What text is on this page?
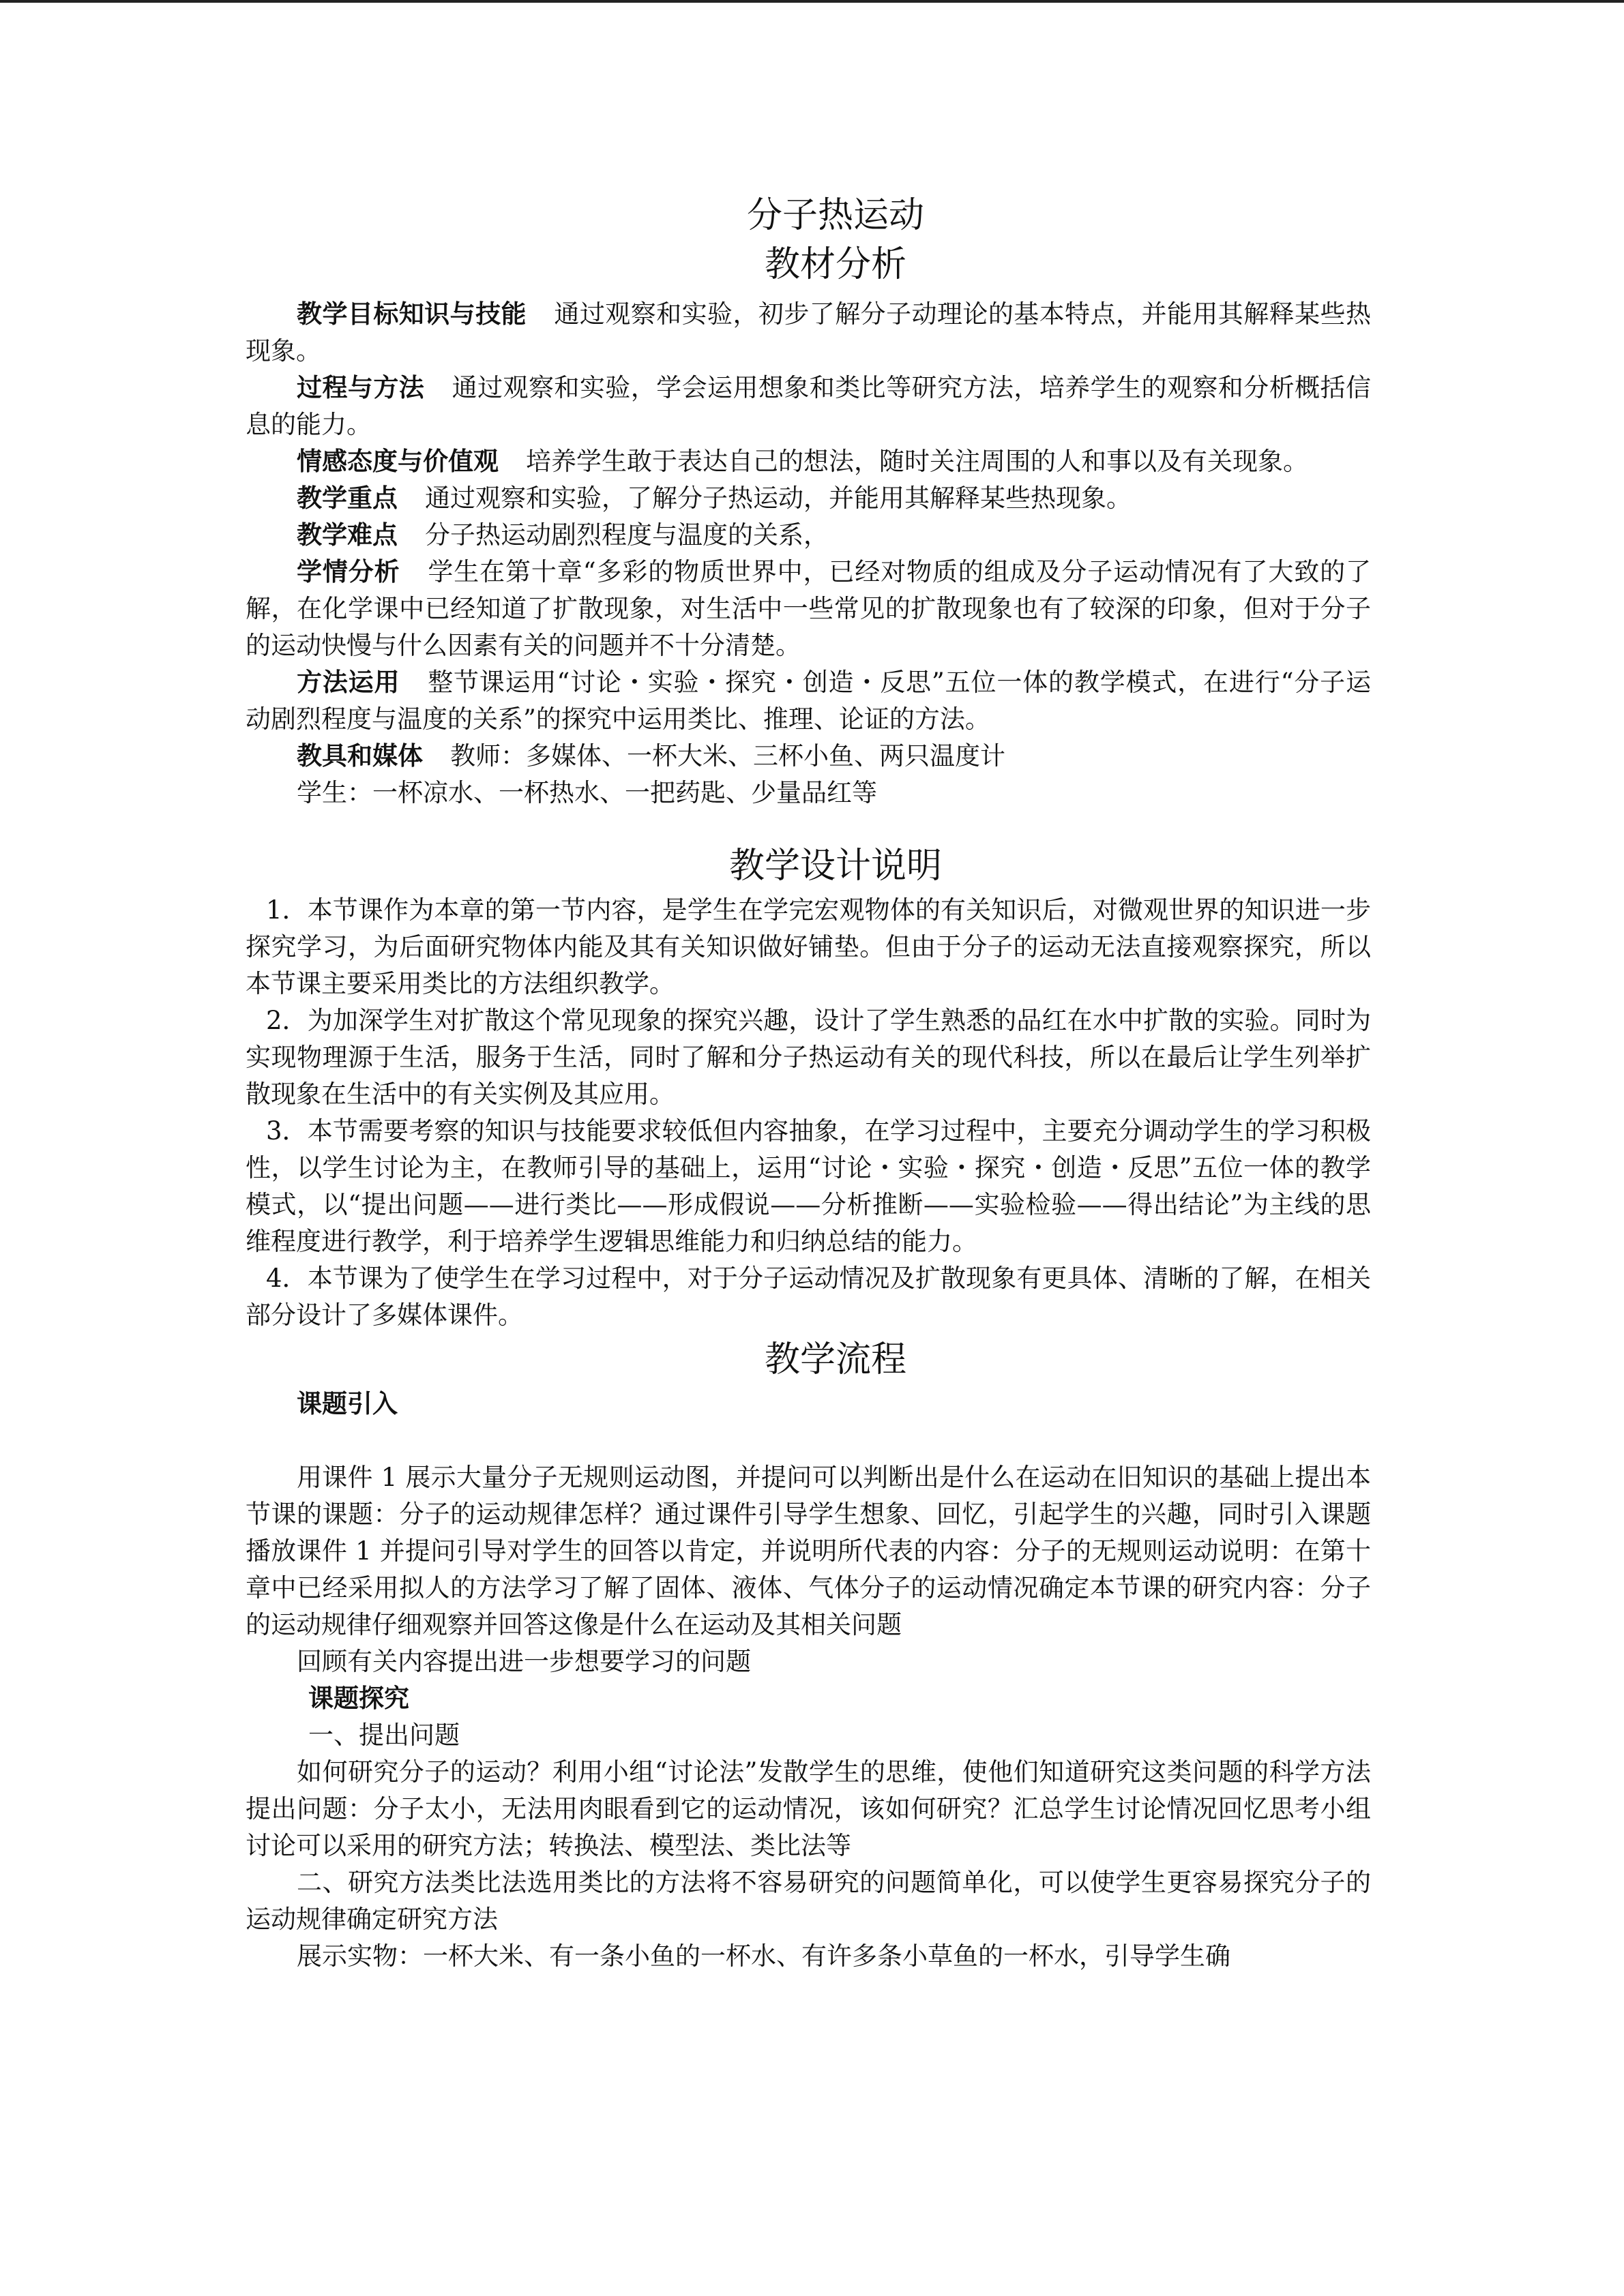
分子热运动
教材分析

教学目标知识与技能 通过观察和实验，初步了解分子动理论的基本特点，并能用其解释某些热现象。

过程与方法 通过观察和实验，学会运用想象和类比等研究方法，培养学生的观察和分析概括信息的能力。

情感态度与价值观 培养学生敢于表达自己的想法，随时关注周围的人和事以及有关现象。

教学重点 通过观察和实验，了解分子热运动，并能用其解释某些热现象。

教学难点 分子热运动剧烈程度与温度的关系，

学情分析 学生在第十章“多彩的物质世界中，已经对物质的组成及分子运动情况有了大致的了解，在化学课中已经知道了扩散现象，对生活中一些常见的扩散现象也有了较深的印象，但对于分子的运动快慢与什么因素有关的问题并不十分清楚。

方法运用 整节课运用“讨论・实验・探究・创造・反思”五位一体的教学模式，在进行“分子运动剧烈程度与温度的关系”的探究中运用类比、推理、论证的方法。

教具和媒体 教师：多媒体、一杯大米、三杯小鱼、两只温度计

学生：一杯凉水、一杯热水、一把药匙、少量品红等

教学设计说明

1．本节课作为本章的第一节内容，是学生在学完宏观物体的有关知识后，对微观世界的知识进一步探究学习，为后面研究物体内能及其有关知识做好铺垫。但由于分子的运动无法直接观察探究，所以本节课主要采用类比的方法组织教学。

2．为加深学生对扩散这个常见现象的探究兴趣，设计了学生熟悉的品红在水中扩散的实验。同时为实现物理源于生活，服务于生活，同时了解和分子热运动有关的现代科技，所以在最后让学生列举扩散现象在生活中的有关实例及其应用。

3．本节需要考察的知识与技能要求较低但内容抽象，在学习过程中，主要充分调动学生的学习积极性，以学生讨论为主，在教师引导的基础上，运用“讨论・实验・探究・创造・反思”五位一体的教学模式，以“提出问题——进行类比——形成假说——分析推断——实验检验——得出结论”为主线的思维程度进行教学，利于培养学生逻辑思维能力和归纳总结的能力。

4．本节课为了使学生在学习过程中，对于分子运动情况及扩散现象有更具体、清晰的了解，在相关部分设计了多媒体课件。

教学流程

课题引入

用课件 1 展示大量分子无规则运动图，并提问可以判断出是什么在运动在旧知识的基础上提出本节课的课题：分子的运动规律怎样？通过课件引导学生想象、回忆，引起学生的兴趣，同时引入课题播放课件 1 并提问引导对学生的回答以肯定，并说明所代表的内容：分子的无规则运动说明：在第十章中已经采用拟人的方法学习了解了固体、液体、气体分子的运动情况确定本节课的研究内容：分子的运动规律仔细观察并回答这像是什么在运动及其相关问题

回顾有关内容提出进一步想要学习的问题

课题探究

一、提出问题

如何研究分子的运动？利用小组“讨论法”发散学生的思维，使他们知道研究这类问题的科学方法提出问题：分子太小，无法用肉眼看到它的运动情况，该如何研究？汇总学生讨论情况回忆思考小组讨论可以采用的研究方法；转换法、模型法、类比法等

二、研究方法类比法选用类比的方法将不容易研究的问题简单化，可以使学生更容易探究分子的运动规律确定研究方法

展示实物：一杯大米、有一条小鱼的一杯水、有许多条小草鱼的一杯水，引导学生确
